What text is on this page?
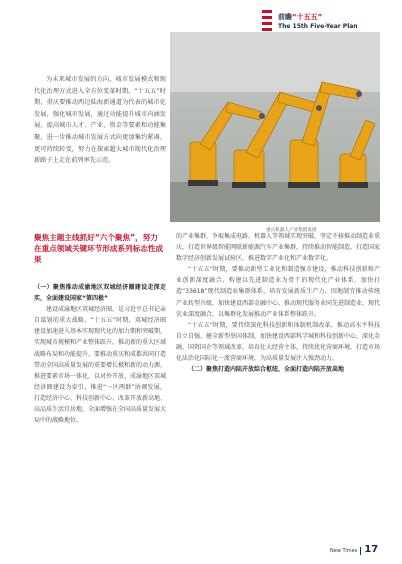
前瞻“十五五”
The 15th Five-Year Plan

为未来城市发展的方向，城市发展模式和现代化治理方式进入全方位变革时期。“十五五”时期，重庆要推动西边陆海新通道为代表的城市化发展，强化城市发展，通过功能提升城市内涵发展。提高城市人才、产业、资金等要素和功能集聚，进一步推动城市发展方式向更加集约紧凑、更可持续转变，努力在探索超大城市现代化治理新路子上走在前列率先示范。

重庆机器人产业集群发展
聚焦主题主线抓好“六个聚焦”，努力在重点领域关键环节形成系列标志性成果

（一）聚焦推动成渝地区双城经济圈建设走深走实，全面建设国家“第四极”

建设成渝地区双城经济圈，是习近平总书记亲自谋划的重大战略。“十五五”时期，双城经济圈建设加速进入基本实现现代化的加力期和突破期，实现城市规模和产业整体跃升，推动新的重大区域战略布局和功能提升。要推动重庆和成都共同打造带动全国高质量发展的重要增长极和新的动力源，推进要素市场一体化，以对外开放、成渝地区双城经济圈建设为牵引，推进“一区两群”协调发展，打造经济中心、科技创新中心、改革开放新高地、高品质生活宜居地，全面增强在全国高质量发展大局中的战略地位。

的产业集群，争取集成电路、机器人等领域实现突破，坚定不移推动制造业重庆，打造世界级智能网联新能源汽车产业集群，持续推动智能制造，打造国家数字经济创新发展试验区，推进数字产业化和产业数字化。

“十五五”时期，要推动新型工业化和制造强市建设，推动科技创新和产业创新深度融合，构建以先进制造业为骨干的现代化产业体系，加快打造“33618”现代制造业集群体系，培育发展新质生产力，因地制宜推动传统产业转型升级，加快建设西部金融中心，推动现代服务业同先进制造业、现代农业深度融合，以集群化发展推动产业体系整体跃升。

“十五五”时期，要持续深化科技创新和体制机制改革，推动高水平科技自立自强，健全新型举国体制，加快建设西部科学城和科技创新中心，深化金融、国资国企等领域改革，培育壮大经营主体，持续优化营商环境，打造市场化法治化国际化一流营商环境，为高质量发展注入强劲动力。

（二）聚焦打造内陆开放综合枢纽，全面打造内陆开放高地

New Times 17
